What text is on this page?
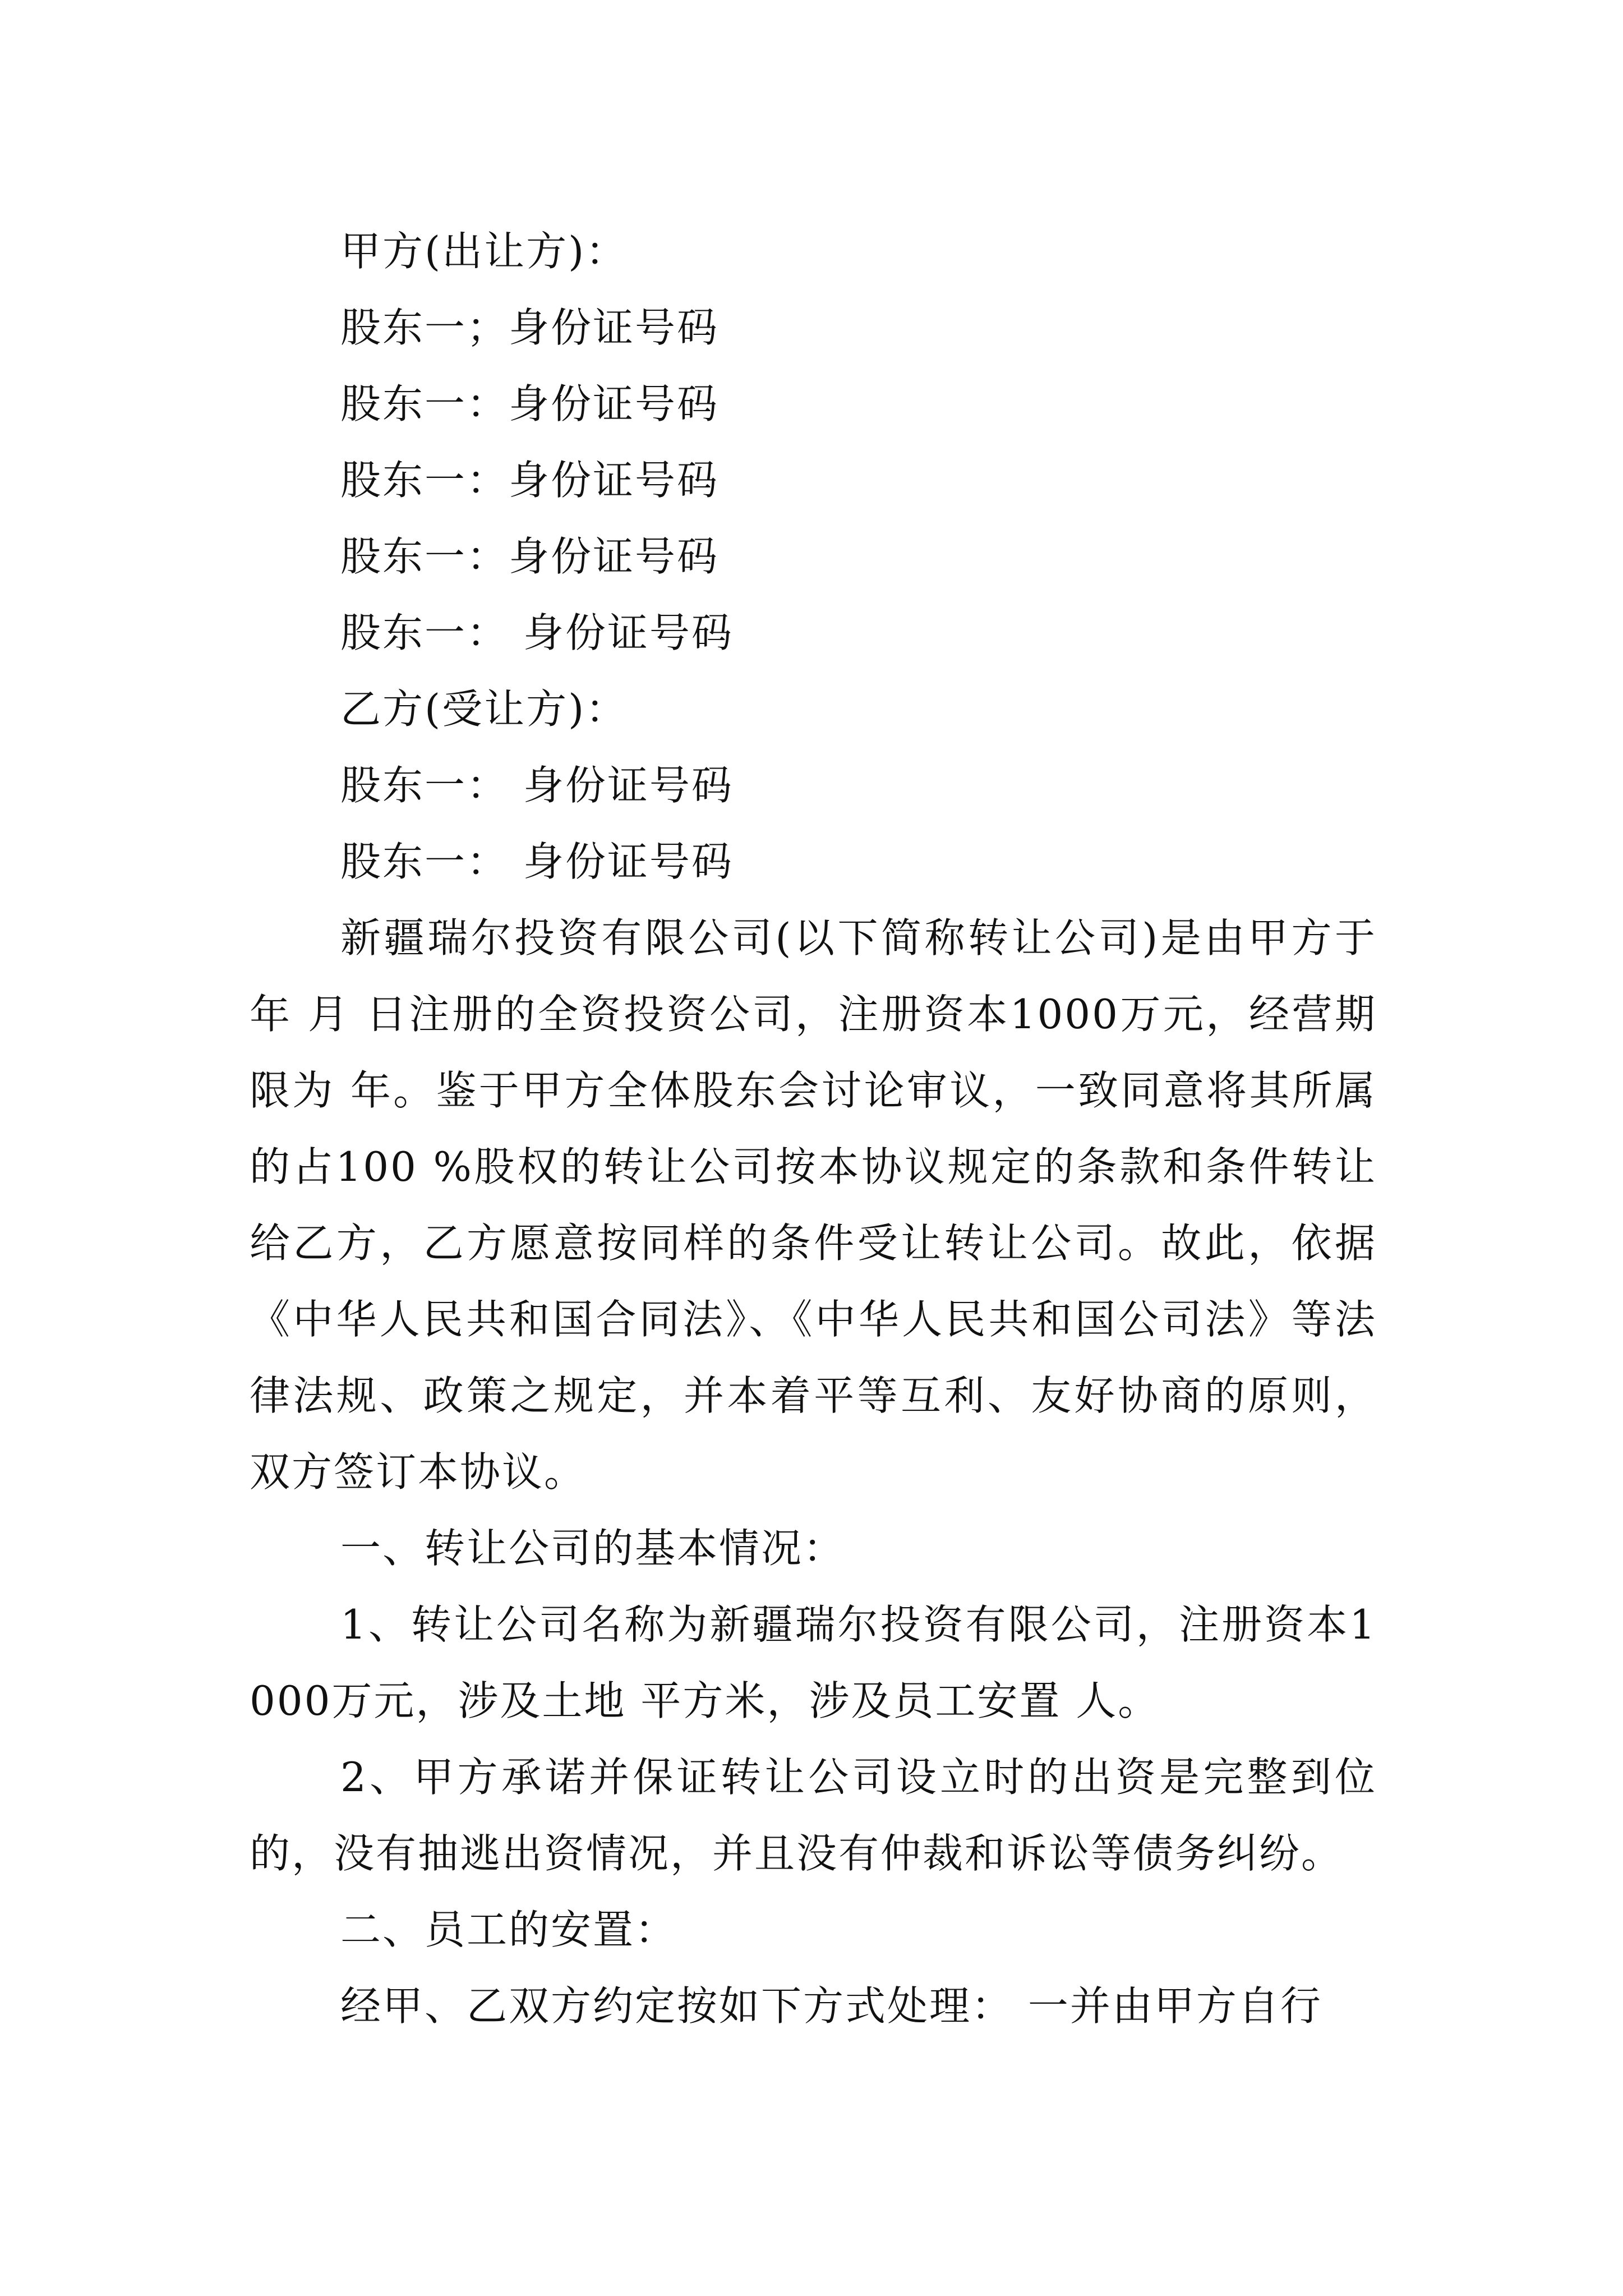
甲方(出让方)：
股东一；身份证号码
股东一：身份证号码
股东一：身份证号码
股东一：身份证号码
股东一： 身份证号码
乙方(受让方)：
股东一： 身份证号码
股东一： 身份证号码

新疆瑞尔投资有限公司(以下简称转让公司)是由甲方于年 月 日注册的全资投资公司，注册资本1000万元，经营期限为 年。鉴于甲方全体股东会讨论审议，一致同意将其所属的占100 %股权的转让公司按本协议规定的条款和条件转让给乙方，乙方愿意按同样的条件受让转让公司。故此，依据《中华人民共和国合同法》、《中华人民共和国公司法》等法律法规、政策之规定，并本着平等互利、友好协商的原则，双方签订本协议。

一、转让公司的基本情况：

1、转让公司名称为新疆瑞尔投资有限公司，注册资本1000万元，涉及土地 平方米，涉及员工安置 人。

2、甲方承诺并保证转让公司设立时的出资是完整到位的，没有抽逃出资情况，并且没有仲裁和诉讼等债务纠纷。

二、员工的安置：

经甲、乙双方约定按如下方式处理： 一并由甲方自行
